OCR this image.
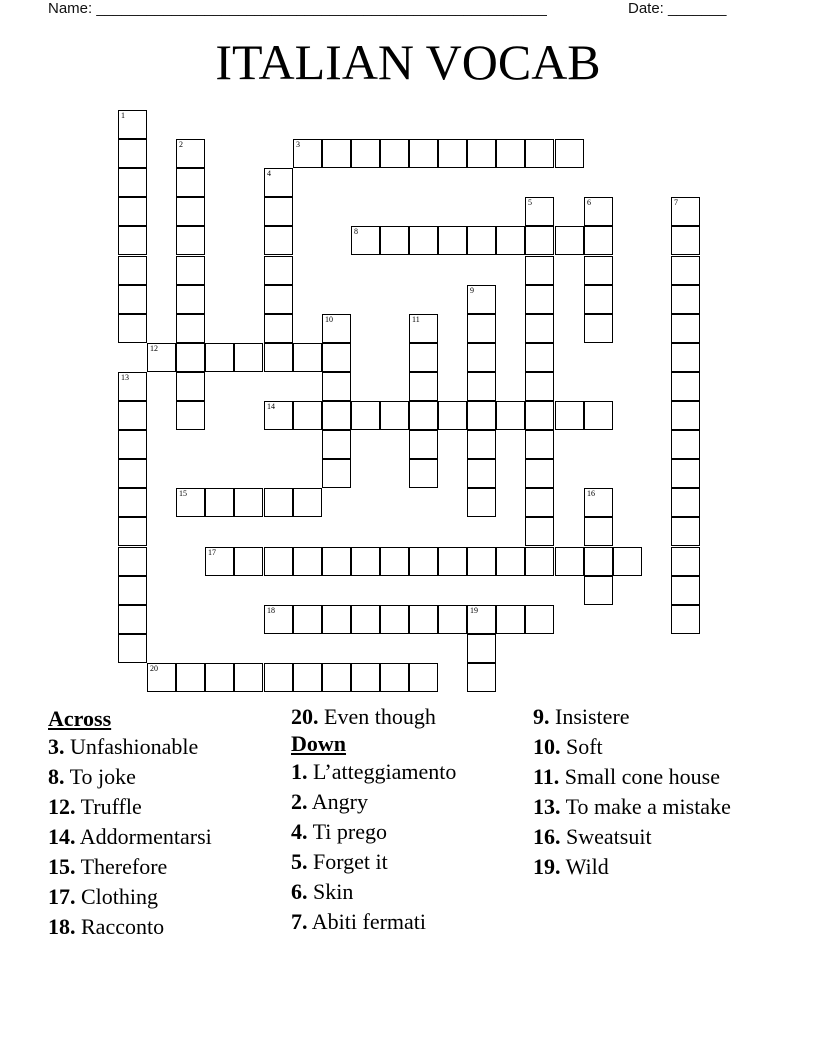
Name: ______________________________________________________	Date: _______
ITALIAN VOCAB
1
2	3
4
5	6	7
8
9
10	11
12
13
14
15	16
17
18	19
20
Across
3. Unfashionable
8. To joke
12. Truffle
14. Addormentarsi
15. Therefore
17. Clothing
18. Racconto
20. Even though
Down
1. L’atteggiamento
2. Angry
4. Ti prego
5. Forget it
6. Skin
7. Abiti fermati
9. Insistere
10. Soft
11. Small cone house
13. To make a mistake
16. Sweatsuit
19. Wild
